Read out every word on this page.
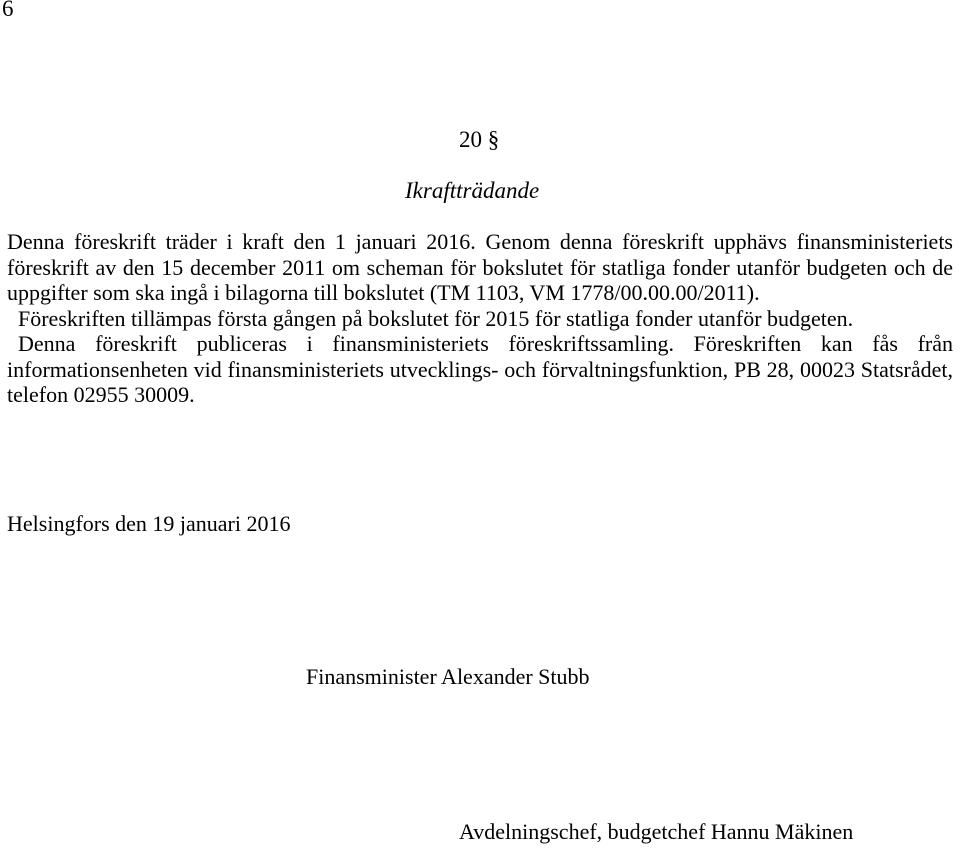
6
20 §
Ikraftträdande

Denna föreskrift träder i kraft den 1 januari 2016. Genom denna föreskrift upphävs finansministeriets föreskrift av den 15 december 2011 om scheman för bokslutet för statliga fonder utanför budgeten och de uppgifter som ska ingå i bilagorna till bokslutet (TM 1103, VM 1778/00.00.00/2011).

Föreskriften tillämpas första gången på bokslutet för 2015 för statliga fonder utanför budgeten.

Denna föreskrift publiceras i finansministeriets föreskriftssamling. Föreskriften kan fås från informationsenheten vid finansministeriets utvecklings- och förvaltningsfunktion, PB 28, 00023 Statsrådet, telefon 02955 30009.

Helsingfors den 19 januari 2016
Finansminister Alexander Stubb
Avdelningschef, budgetchef Hannu Mäkinen
